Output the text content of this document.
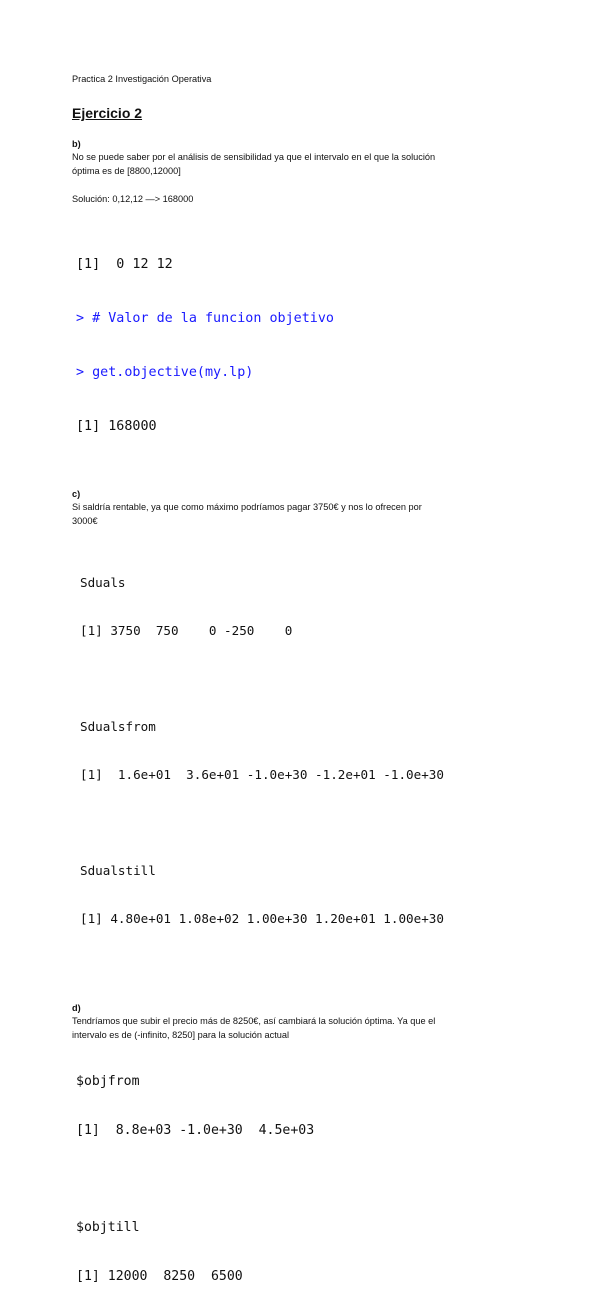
Practica 2 Investigación Operativa

Ejercicio 2

b)

No se puede saber por el análisis de sensibilidad ya que el intervalo en el que la solución

óptima es de [8800,12000]

Solución: 0,12,12 —> 168000

[1]  0 12 12

> # Valor de la funcion objetivo

> get.objective(my.lp)

[1] 168000

c)

Si saldría rentable, ya que como máximo podríamos pagar 3750€ y nos lo ofrecen por

3000€

Sduals

[1] 3750  750    0 -250    0

Sdualsfrom

[1]  1.6e+01  3.6e+01 -1.0e+30 -1.2e+01 -1.0e+30

Sdualstill

[1] 4.80e+01 1.08e+02 1.00e+30 1.20e+01 1.00e+30

d)

Tendríamos que subir el precio más de 8250€, así cambiará la solución óptima. Ya que el

intervalo es de (-infinito, 8250] para la solución actual

$objfrom

[1]  8.8e+03 -1.0e+30  4.5e+03

$objtill

[1] 12000  8250  6500
